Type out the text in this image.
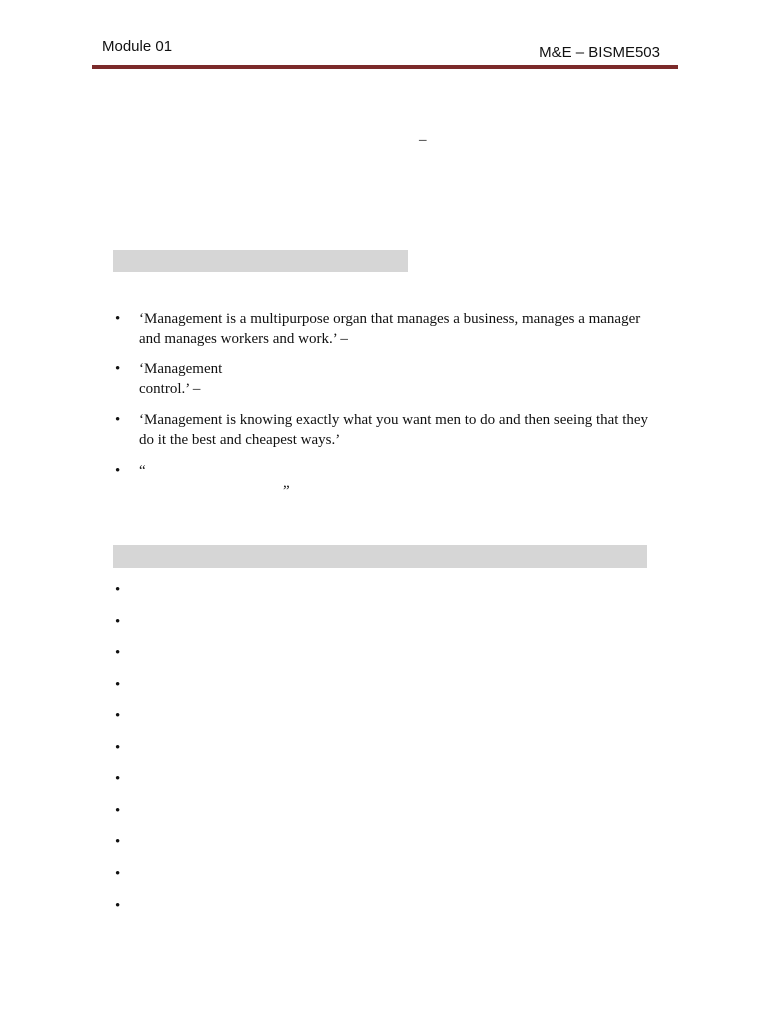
Module 01	M&E – BISME503
–
• ‘Management is a multipurpose organ that manages a business, manages a manager
and manages workers and work.’ –
• ‘Management
control.’ –
• ‘Management is knowing exactly what you want men to do and then seeing that they
do it the best and cheapest ways.’
• “
”
•
•
•
•
•
•
•
•
•
•
•
